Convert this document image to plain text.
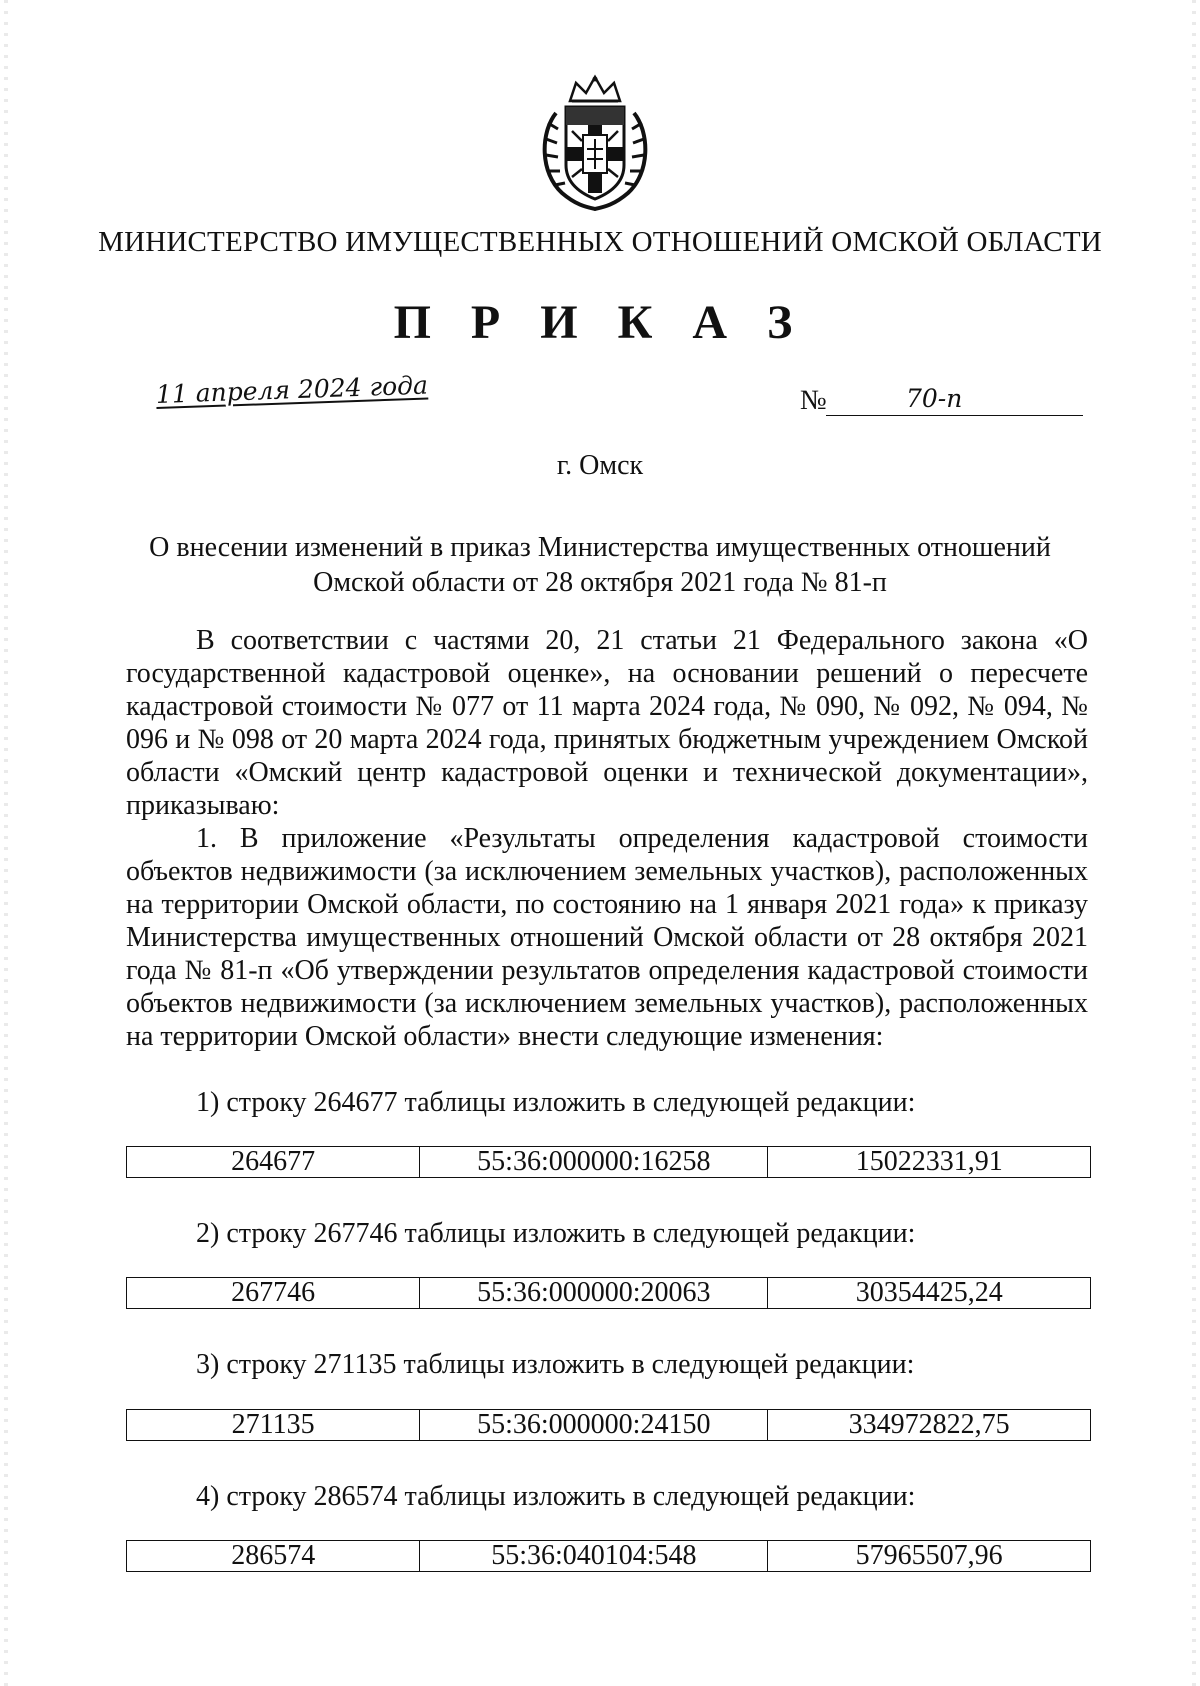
МИНИСТЕРСТВО ИМУЩЕСТВЕННЫХ ОТНОШЕНИЙ ОМСКОЙ ОБЛАСТИ
П Р И К А З
11 апреля 2024 года	№	70-п
г. Омск
О внесении изменений в приказ Министерства имущественных отношений Омской области от 28 октября 2021 года № 81-п

В соответствии с частями 20, 21 статьи 21 Федерального закона «О государственной кадастровой оценке», на основании решений о пересчете кадастровой стоимости № 077 от 11 марта 2024 года, № 090, № 092, № 094, № 096 и № 098 от 20 марта 2024 года, принятых бюджетным учреждением Омской области «Омский центр кадастровой оценки и технической документации», приказываю:

1. В приложение «Результаты определения кадастровой стоимости объектов недвижимости (за исключением земельных участков), расположенных на территории Омской области, по состоянию на 1 января 2021 года» к приказу Министерства имущественных отношений Омской области от 28 октября 2021 года № 81-п «Об утверждении результатов определения кадастровой стоимости объектов недвижимости (за исключением земельных участков), расположенных на территории Омской области» внести следующие изменения:

1) строку 264677 таблицы изложить в следующей редакции:
264677	55:36:000000:16258	15022331,91
2) строку 267746 таблицы изложить в следующей редакции:
267746	55:36:000000:20063	30354425,24
3) строку 271135 таблицы изложить в следующей редакции:
271135	55:36:000000:24150	334972822,75
4) строку 286574 таблицы изложить в следующей редакции:
286574	55:36:040104:548	57965507,96
